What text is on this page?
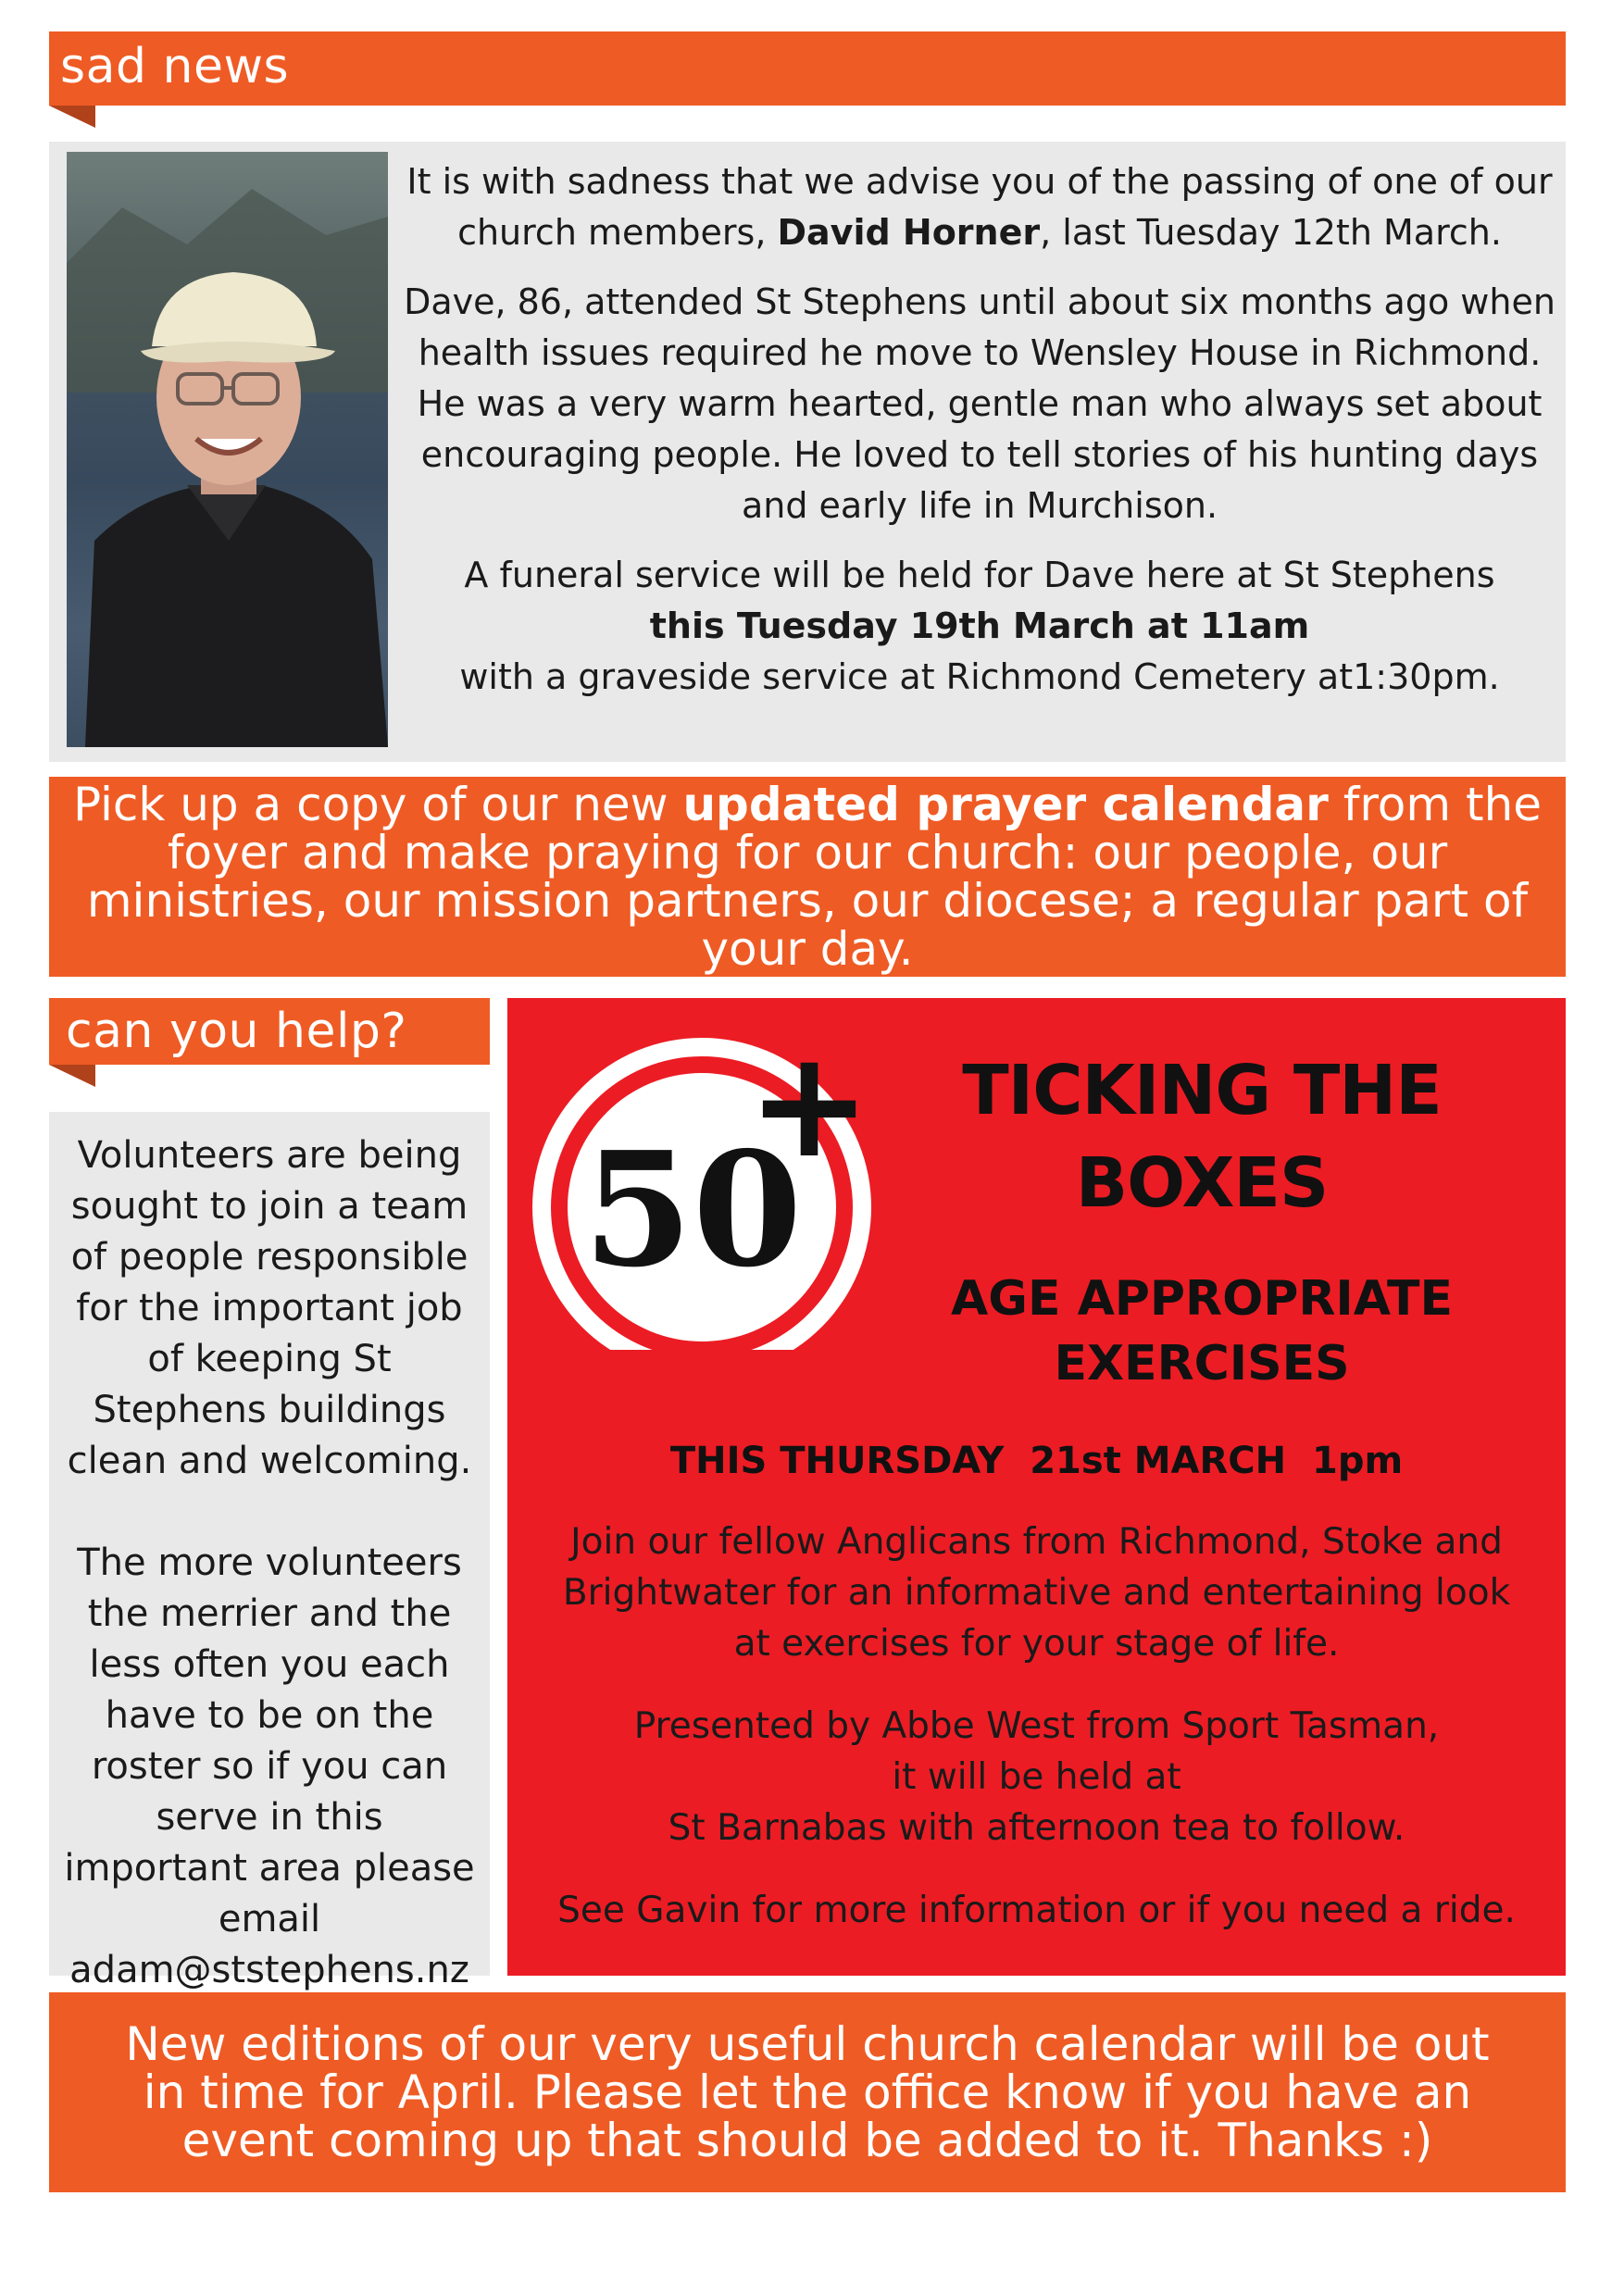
sad news

It is with sadness that we advise you of the passing of one of our church members, David Horner, last Tuesday 12th March.

Dave, 86, attended St Stephens until about six months ago when health issues required he move to Wensley House in Richmond. He was a very warm hearted, gentle man who always set about encouraging people. He loved to tell stories of his hunting days and early life in Murchison.

A funeral service will be held for Dave here at St Stephens
this Tuesday 19th March at 11am
with a graveside service at Richmond Cemetery at1:30pm.

Pick up a copy of our new updated prayer calendar from the foyer and make praying for our church: our people, our ministries, our mission partners, our diocese; a regular part of your day.
can you help?

Volunteers are being sought to join a team of people responsible for the important job of keeping St Stephens buildings clean and welcoming.

The more volunteers the merrier and the less often you each have to be on the roster so if you can serve in this important area please email adam@ststephens.nz

50
+	TICKING THE
BOXES
AGE APPROPRIATE
EXERCISES
THIS THURSDAY  21st MARCH  1pm

Join our fellow Anglicans from Richmond, Stoke and Brightwater for an informative and entertaining look at exercises for your stage of life.

Presented by Abbe West from Sport Tasman,
it will be held at
St Barnabas with afternoon tea to follow.

See Gavin for more information or if you need a ride.

New editions of our very useful church calendar will be out in time for April. Please let the office know if you have an event coming up that should be added to it. Thanks :)
